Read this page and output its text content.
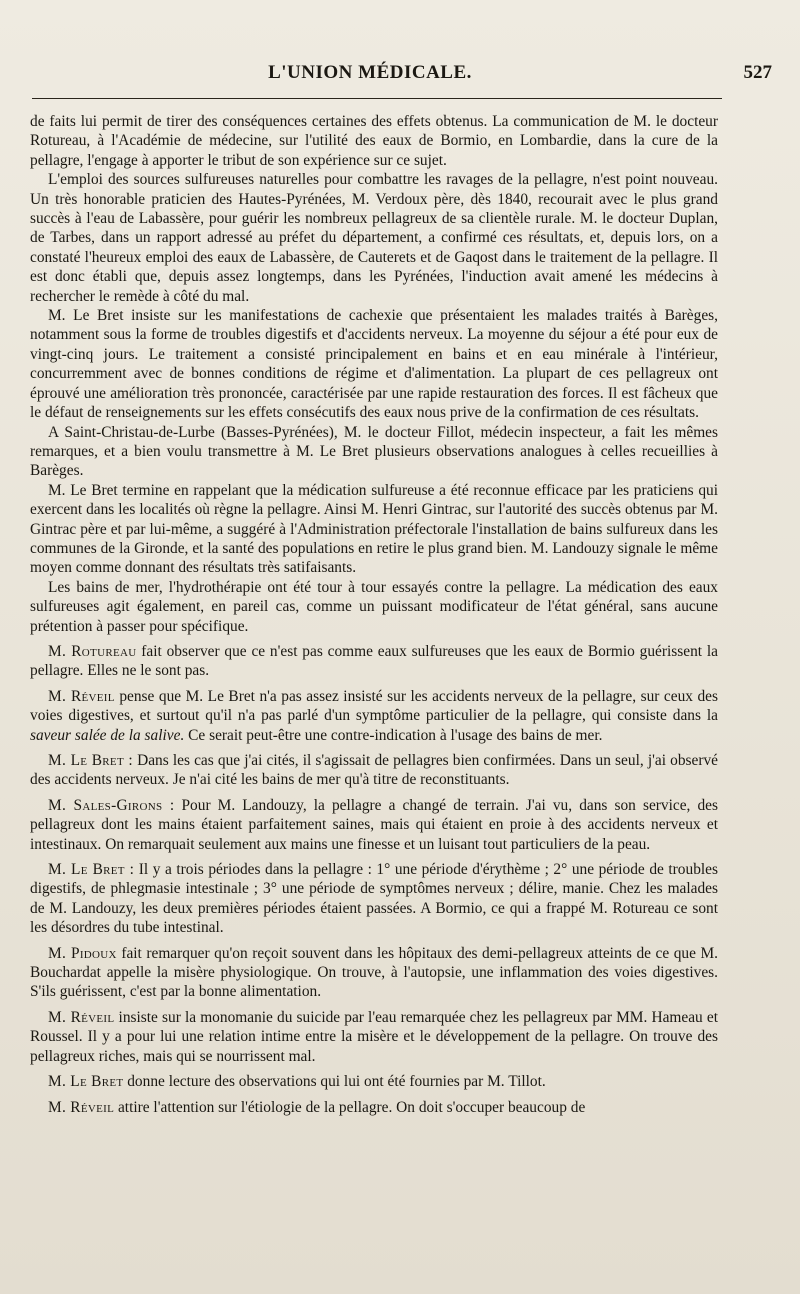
L'UNION MÉDICALE.	527

de faits lui permit de tirer des conséquences certaines des effets obtenus. La communication de M. le docteur Rotureau, à l'Académie de médecine, sur l'utilité des eaux de Bormio, en Lombardie, dans la cure de la pellagre, l'engage à apporter le tribut de son expérience sur ce sujet.

L'emploi des sources sulfureuses naturelles pour combattre les ravages de la pellagre, n'est point nouveau. Un très honorable praticien des Hautes-Pyrénées, M. Verdoux père, dès 1840, recourait avec le plus grand succès à l'eau de Labassère, pour guérir les nombreux pellagreux de sa clientèle rurale. M. le docteur Duplan, de Tarbes, dans un rapport adressé au préfet du département, a confirmé ces résultats, et, depuis lors, on a constaté l'heureux emploi des eaux de Labassère, de Cauterets et de Gaqost dans le traitement de la pellagre. Il est donc établi que, depuis assez longtemps, dans les Pyrénées, l'induction avait amené les médecins à rechercher le remède à côté du mal.

M. Le Bret insiste sur les manifestations de cachexie que présentaient les malades traités à Barèges, notamment sous la forme de troubles digestifs et d'accidents nerveux. La moyenne du séjour a été pour eux de vingt-cinq jours. Le traitement a consisté principalement en bains et en eau minérale à l'intérieur, concurremment avec de bonnes conditions de régime et d'alimentation. La plupart de ces pellagreux ont éprouvé une amélioration très prononcée, caractérisée par une rapide restauration des forces. Il est fâcheux que le défaut de renseignements sur les effets consécutifs des eaux nous prive de la confirmation de ces résultats.

A Saint-Christau-de-Lurbe (Basses-Pyrénées), M. le docteur Fillot, médecin inspecteur, a fait les mêmes remarques, et a bien voulu transmettre à M. Le Bret plusieurs observations analogues à celles recueillies à Barèges.

M. Le Bret termine en rappelant que la médication sulfureuse a été reconnue efficace par les praticiens qui exercent dans les localités où règne la pellagre. Ainsi M. Henri Gintrac, sur l'autorité des succès obtenus par M. Gintrac père et par lui-même, a suggéré à l'Administration préfectorale l'installation de bains sulfureux dans les communes de la Gironde, et la santé des populations en retire le plus grand bien. M. Landouzy signale le même moyen comme donnant des résultats très satifaisants.

Les bains de mer, l'hydrothérapie ont été tour à tour essayés contre la pellagre. La médication des eaux sulfureuses agit également, en pareil cas, comme un puissant modificateur de l'état général, sans aucune prétention à passer pour spécifique.

M. Rotureau fait observer que ce n'est pas comme eaux sulfureuses que les eaux de Bormio guérissent la pellagre. Elles ne le sont pas.

M. Réveil pense que M. Le Bret n'a pas assez insisté sur les accidents nerveux de la pellagre, sur ceux des voies digestives, et surtout qu'il n'a pas parlé d'un symptôme particulier de la pellagre, qui consiste dans la saveur salée de la salive. Ce serait peut-être une contre-indication à l'usage des bains de mer.

M. Le Bret : Dans les cas que j'ai cités, il s'agissait de pellagres bien confirmées. Dans un seul, j'ai observé des accidents nerveux. Je n'ai cité les bains de mer qu'à titre de reconstituants.

M. Sales-Girons : Pour M. Landouzy, la pellagre a changé de terrain. J'ai vu, dans son service, des pellagreux dont les mains étaient parfaitement saines, mais qui étaient en proie à des accidents nerveux et intestinaux. On remarquait seulement aux mains une finesse et un luisant tout particuliers de la peau.

M. Le Bret : Il y a trois périodes dans la pellagre : 1° une période d'érythème ; 2° une période de troubles digestifs, de phlegmasie intestinale ; 3° une période de symptômes nerveux ; délire, manie. Chez les malades de M. Landouzy, les deux premières périodes étaient passées. A Bormio, ce qui a frappé M. Rotureau ce sont les désordres du tube intestinal.

M. Pidoux fait remarquer qu'on reçoit souvent dans les hôpitaux des demi-pellagreux atteints de ce que M. Bouchardat appelle la misère physiologique. On trouve, à l'autopsie, une inflammation des voies digestives. S'ils guérissent, c'est par la bonne alimentation.

M. Réveil insiste sur la monomanie du suicide par l'eau remarquée chez les pellagreux par MM. Hameau et Roussel. Il y a pour lui une relation intime entre la misère et le développement de la pellagre. On trouve des pellagreux riches, mais qui se nourrissent mal.

M. Le Bret donne lecture des observations qui lui ont été fournies par M. Tillot.

M. Réveil attire l'attention sur l'étiologie de la pellagre. On doit s'occuper beaucoup de
